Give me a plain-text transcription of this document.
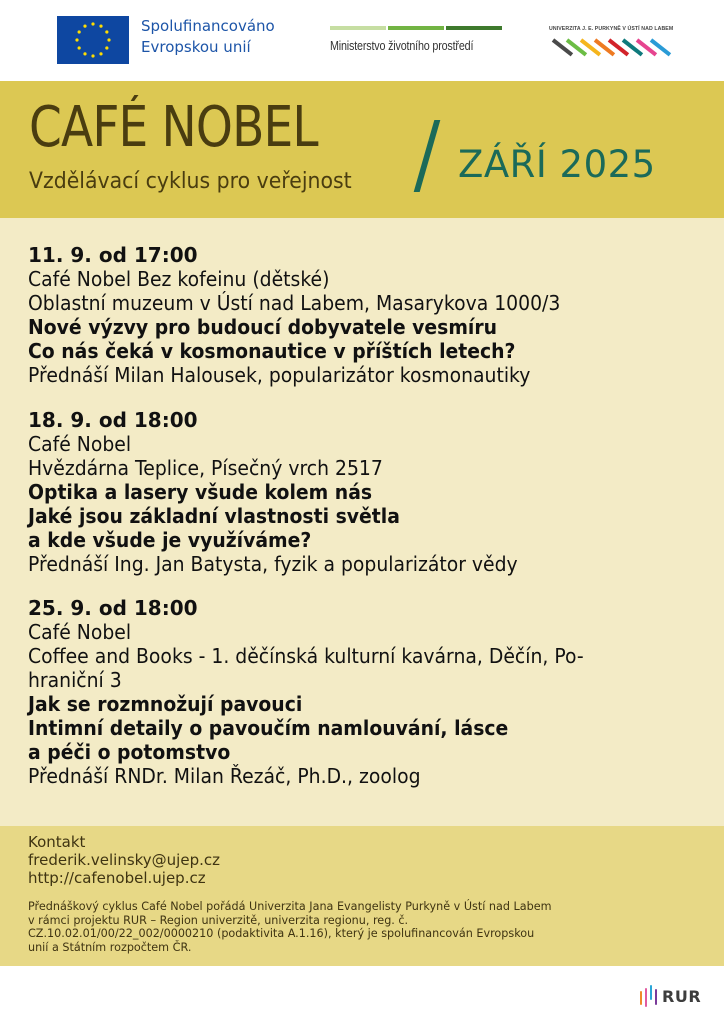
Spolufinancováno
Evropskou unií	Ministerstvo životního prostředí
UNIVERZITA J. E. PURKYNĚ V ÚSTÍ NAD LABEM
CAFÉ NOBEL
Vzdělávací cyklus pro veřejnost	ZÁŘÍ 2025
11. 9. od 17:00
Café Nobel Bez kofeinu (dětské)
Oblastní muzeum v Ústí nad Labem, Masarykova 1000/3
Nové výzvy pro budoucí dobyvatele vesmíru
Co nás čeká v kosmonautice v příštích letech?
Přednáší Milan Halousek, popularizátor kosmonautiky
18. 9. od 18:00
Café Nobel
Hvězdárna Teplice, Písečný vrch 2517
Optika a lasery všude kolem nás
Jaké jsou základní vlastnosti světla
a kde všude je využíváme?
Přednáší Ing. Jan Batysta, fyzik a popularizátor vědy
25. 9. od 18:00
Café Nobel
Coffee and Books - 1. děčínská kulturní kavárna, Děčín, Po-
hraniční 3
Jak se rozmnožují pavouci
Intimní detaily o pavoučím namlouvání, lásce
a péči o potomstvo
Přednáší RNDr. Milan Řezáč, Ph.D., zoolog
Kontakt
frederik.velinsky@ujep.cz
http://cafenobel.ujep.cz
Přednáškový cyklus Café Nobel pořádá Univerzita Jana Evangelisty Purkyně v Ústí nad Labem
v rámci projektu RUR – Region univerzitě, univerzita regionu, reg. č.
CZ.10.02.01/00/22_002/0000210 (podaktivita A.1.16), který je spolufinancován Evropskou
unií a Státním rozpočtem ČR.
RUR
